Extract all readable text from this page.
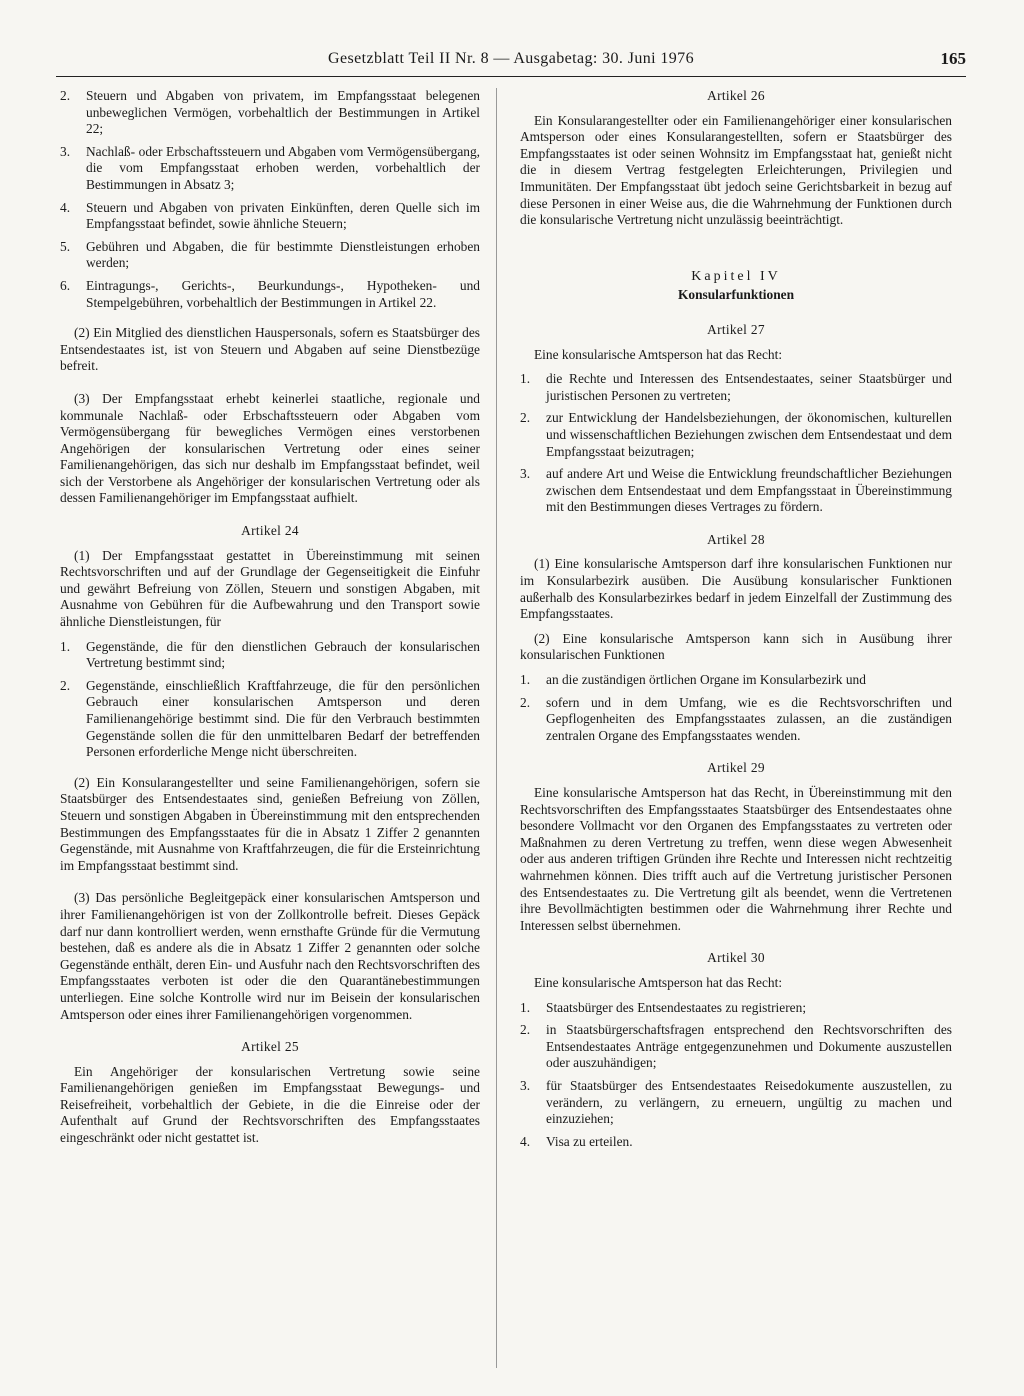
Gesetzblatt Teil II Nr. 8 — Ausgabetag: 30. Juni 1976	165
2.	Steuern und Abgaben von privatem, im Empfangsstaat belegenen unbeweglichen Vermögen, vorbehaltlich der Bestimmungen in Artikel 22;
3.	Nachlaß- oder Erbschaftssteuern und Abgaben vom Vermögensübergang, die vom Empfangsstaat erhoben werden, vorbehaltlich der Bestimmungen in Absatz 3;
4.	Steuern und Abgaben von privaten Einkünften, deren Quelle sich im Empfangsstaat befindet, sowie ähnliche Steuern;
5.	Gebühren und Abgaben, die für bestimmte Dienstleistungen erhoben werden;
6.	Eintragungs-, Gerichts-, Beurkundungs-, Hypotheken- und Stempelgebühren, vorbehaltlich der Bestimmungen in Artikel 22.

(2) Ein Mitglied des dienstlichen Hauspersonals, sofern es Staatsbürger des Entsendestaates ist, ist von Steuern und Abgaben auf seine Dienstbezüge befreit.

(3) Der Empfangsstaat erhebt keinerlei staatliche, regionale und kommunale Nachlaß- oder Erbschaftssteuern oder Abgaben vom Vermögensübergang für bewegliches Vermögen eines verstorbenen Angehörigen der konsularischen Vertretung oder eines seiner Familienangehörigen, das sich nur deshalb im Empfangsstaat befindet, weil sich der Verstorbene als Angehöriger der konsularischen Vertretung oder als dessen Familienangehöriger im Empfangsstaat aufhielt.

Artikel 24

(1) Der Empfangsstaat gestattet in Übereinstimmung mit seinen Rechtsvorschriften und auf der Grundlage der Gegenseitigkeit die Einfuhr und gewährt Befreiung von Zöllen, Steuern und sonstigen Abgaben, mit Ausnahme von Gebühren für die Aufbewahrung und den Transport sowie ähnliche Dienstleistungen, für

1.	Gegenstände, die für den dienstlichen Gebrauch der konsularischen Vertretung bestimmt sind;
2.	Gegenstände, einschließlich Kraftfahrzeuge, die für den persönlichen Gebrauch einer konsularischen Amtsperson und deren Familienangehörige bestimmt sind. Die für den Verbrauch bestimmten Gegenstände sollen die für den unmittelbaren Bedarf der betreffenden Personen erforderliche Menge nicht überschreiten.

(2) Ein Konsularangestellter und seine Familienangehörigen, sofern sie Staatsbürger des Entsendestaates sind, genießen Befreiung von Zöllen, Steuern und sonstigen Abgaben in Übereinstimmung mit den entsprechenden Bestimmungen des Empfangsstaates für die in Absatz 1 Ziffer 2 genannten Gegenstände, mit Ausnahme von Kraftfahrzeugen, die für die Ersteinrichtung im Empfangsstaat bestimmt sind.

(3) Das persönliche Begleitgepäck einer konsularischen Amtsperson und ihrer Familienangehörigen ist von der Zollkontrolle befreit. Dieses Gepäck darf nur dann kontrolliert werden, wenn ernsthafte Gründe für die Vermutung bestehen, daß es andere als die in Absatz 1 Ziffer 2 genannten oder solche Gegenstände enthält, deren Ein- und Ausfuhr nach den Rechtsvorschriften des Empfangsstaates verboten ist oder die den Quarantänebestimmungen unterliegen. Eine solche Kontrolle wird nur im Beisein der konsularischen Amtsperson oder eines ihrer Familienangehörigen vorgenommen.

Artikel 25

Ein Angehöriger der konsularischen Vertretung sowie seine Familienangehörigen genießen im Empfangsstaat Bewegungs- und Reisefreiheit, vorbehaltlich der Gebiete, in die die Einreise oder der Aufenthalt auf Grund der Rechtsvorschriften des Empfangsstaates eingeschränkt oder nicht gestattet ist.

Artikel 26

Ein Konsularangestellter oder ein Familienangehöriger einer konsularischen Amtsperson oder eines Konsularangestellten, sofern er Staatsbürger des Empfangsstaates ist oder seinen Wohnsitz im Empfangsstaat hat, genießt nicht die in diesem Vertrag festgelegten Erleichterungen, Privilegien und Immunitäten. Der Empfangsstaat übt jedoch seine Gerichtsbarkeit in bezug auf diese Personen in einer Weise aus, die die Wahrnehmung der Funktionen durch die konsularische Vertretung nicht unzulässig beeinträchtigt.

Kapitel IV
Konsularfunktionen
Artikel 27

Eine konsularische Amtsperson hat das Recht:

1.	die Rechte und Interessen des Entsendestaates, seiner Staatsbürger und juristischen Personen zu vertreten;
2.	zur Entwicklung der Handelsbeziehungen, der ökonomischen, kulturellen und wissenschaftlichen Beziehungen zwischen dem Entsendestaat und dem Empfangsstaat beizutragen;
3.	auf andere Art und Weise die Entwicklung freundschaftlicher Beziehungen zwischen dem Entsendestaat und dem Empfangsstaat in Übereinstimmung mit den Bestimmungen dieses Vertrages zu fördern.
Artikel 28

(1) Eine konsularische Amtsperson darf ihre konsularischen Funktionen nur im Konsularbezirk ausüben. Die Ausübung konsularischer Funktionen außerhalb des Konsularbezirkes bedarf in jedem Einzelfall der Zustimmung des Empfangsstaates.

(2) Eine konsularische Amtsperson kann sich in Ausübung ihrer konsularischen Funktionen

1.	an die zuständigen örtlichen Organe im Konsularbezirk und
2.	sofern und in dem Umfang, wie es die Rechtsvorschriften und Gepflogenheiten des Empfangsstaates zulassen, an die zuständigen zentralen Organe des Empfangsstaates wenden.
Artikel 29

Eine konsularische Amtsperson hat das Recht, in Übereinstimmung mit den Rechtsvorschriften des Empfangsstaates Staatsbürger des Entsendestaates ohne besondere Vollmacht vor den Organen des Empfangsstaates zu vertreten oder Maßnahmen zu deren Vertretung zu treffen, wenn diese wegen Abwesenheit oder aus anderen triftigen Gründen ihre Rechte und Interessen nicht rechtzeitig wahrnehmen können. Dies trifft auch auf die Vertretung juristischer Personen des Entsendestaates zu. Die Vertretung gilt als beendet, wenn die Vertretenen ihre Bevollmächtigten bestimmen oder die Wahrnehmung ihrer Rechte und Interessen selbst übernehmen.

Artikel 30

Eine konsularische Amtsperson hat das Recht:

1.	Staatsbürger des Entsendestaates zu registrieren;
2.	in Staatsbürgerschaftsfragen entsprechend den Rechtsvorschriften des Entsendestaates Anträge entgegenzunehmen und Dokumente auszustellen oder auszuhändigen;
3.	für Staatsbürger des Entsendestaates Reisedokumente auszustellen, zu verändern, zu verlängern, zu erneuern, ungültig zu machen und einzuziehen;
4.	Visa zu erteilen.
